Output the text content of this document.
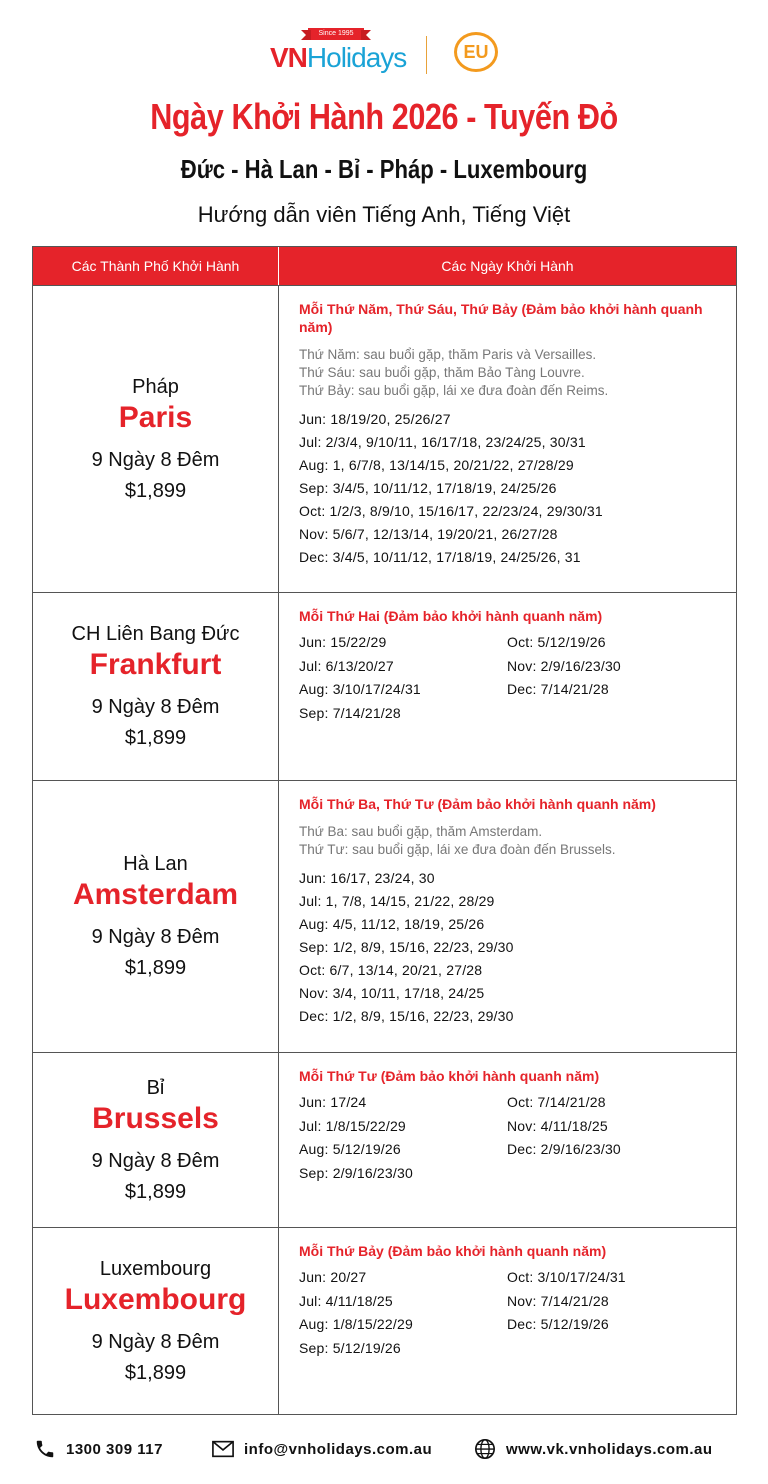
Since 1995
VNHolidays	EU
Ngày Khởi Hành 2026 - Tuyến Đỏ
Đức - Hà Lan - Bỉ - Pháp - Luxembourg
Hướng dẫn viên Tiếng Anh, Tiếng Việt
Các Thành Phố Khởi Hành	Các Ngày Khởi Hành
Pháp
Paris
9 Ngày 8 Đêm
$1,899
Mỗi Thứ Năm, Thứ Sáu, Thứ Bảy (Đảm bảo khởi hành quanh năm)
Thứ Năm: sau buổi gặp, thăm Paris và Versailles.
Thứ Sáu: sau buổi gặp, thăm Bảo Tàng Louvre.
Thứ Bảy: sau buổi gặp, lái xe đưa đoàn đến Reims.
Jun: 18/19/20, 25/26/27
Jul: 2/3/4, 9/10/11, 16/17/18, 23/24/25, 30/31
Aug: 1, 6/7/8, 13/14/15, 20/21/22, 27/28/29
Sep: 3/4/5, 10/11/12, 17/18/19, 24/25/26
Oct: 1/2/3, 8/9/10, 15/16/17, 22/23/24, 29/30/31
Nov: 5/6/7, 12/13/14, 19/20/21, 26/27/28
Dec: 3/4/5, 10/11/12, 17/18/19, 24/25/26, 31
CH Liên Bang Đức
Frankfurt
9 Ngày 8 Đêm
$1,899
Mỗi Thứ Hai (Đảm bảo khởi hành quanh năm)
Jun: 15/22/29	Oct: 5/12/19/26
Jul: 6/13/20/27	Nov: 2/9/16/23/30
Aug: 3/10/17/24/31	Dec: 7/14/21/28
Sep: 7/14/21/28
Hà Lan
Amsterdam
9 Ngày 8 Đêm
$1,899
Mỗi Thứ Ba, Thứ Tư (Đảm bảo khởi hành quanh năm)
Thứ Ba: sau buổi gặp, thăm Amsterdam.
Thứ Tư: sau buổi gặp, lái xe đưa đoàn đến Brussels.
Jun: 16/17, 23/24, 30
Jul: 1, 7/8, 14/15, 21/22, 28/29
Aug: 4/5, 11/12, 18/19, 25/26
Sep: 1/2, 8/9, 15/16, 22/23, 29/30
Oct: 6/7, 13/14, 20/21, 27/28
Nov: 3/4, 10/11, 17/18, 24/25
Dec: 1/2, 8/9, 15/16, 22/23, 29/30
Bỉ
Brussels
9 Ngày 8 Đêm
$1,899
Mỗi Thứ Tư (Đảm bảo khởi hành quanh năm)
Jun: 17/24	Oct: 7/14/21/28
Jul: 1/8/15/22/29	Nov: 4/11/18/25
Aug: 5/12/19/26	Dec: 2/9/16/23/30
Sep: 2/9/16/23/30
Luxembourg
Luxembourg
9 Ngày 8 Đêm
$1,899
Mỗi Thứ Bảy (Đảm bảo khởi hành quanh năm)
Jun: 20/27	Oct: 3/10/17/24/31
Jul: 4/11/18/25	Nov: 7/14/21/28
Aug: 1/8/15/22/29	Dec: 5/12/19/26
Sep: 5/12/19/26
1300 309 117	info@vnholidays.com.au	www.vk.vnholidays.com.au
